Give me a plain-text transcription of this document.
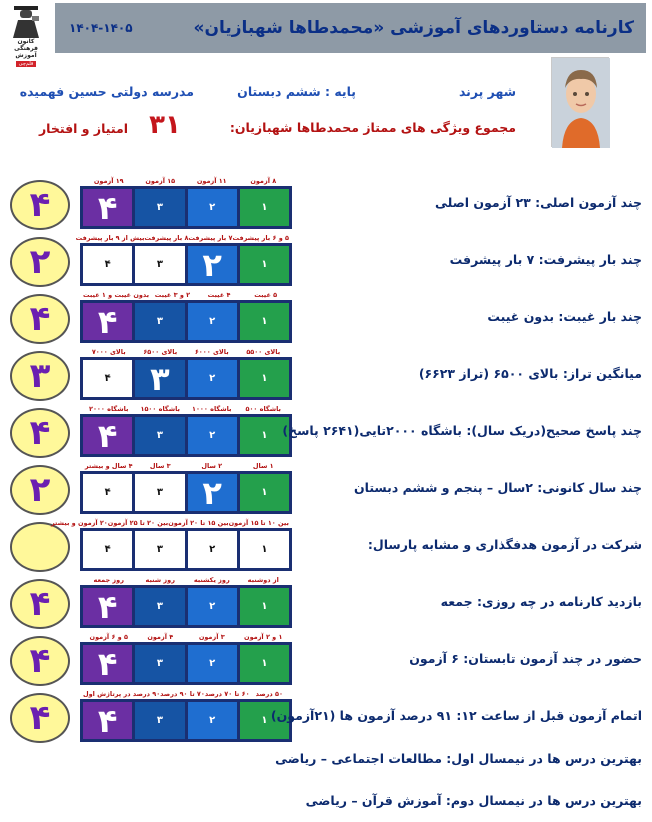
۱۴۰۴-۱۴۰۵	کارنامه دستاوردهای آموزشی «محمدطاها شهبازیان»
کانون
فرهنگی
آموزش
قلم‌چی
شهر پرند
پایه : ششم دبستان
مدرسه دولتی حسین فهمیده
مجموع ویژگی های ممتاز محمدطاها شهبازیان:
۳۱
امتیاز و افتخار
۴
۸ آزمون
۱۱ آزمون
۱۵ آزمون
۱۹ آزمون
۱
۲
۳
۴	چند آزمون اصلی: ۲۳ آزمون اصلی
۲
۵ و ۶ بار پیشرفت
۷ بار پیشرفت
۸ بار پیشرفت
بیش از ۹ بار پیشرفت
۱
۲
۳
۴	چند بار پیشرفت: ۷ بار پیشرفت
۴
۵ غیبت
۴ غیبت
۲ و ۳ غیبت
بدون غیبت و ۱ غیبت
۱
۲
۳
۴	چند بار غیبت: بدون غیبت
۳
بالای ۵۵۰۰
بالای ۶۰۰۰
بالای ۶۵۰۰
بالای ۷۰۰۰
۱
۲
۳
۴	میانگین تراز: بالای ۶۵۰۰ (تراز ۶۶۲۳)
۴
باشگاه ۵۰۰
باشگاه ۱۰۰۰
باشگاه ۱۵۰۰
باشگاه ۲۰۰۰
۱
۲
۳
۴	چند پاسخ صحیح(دریک سال): باشگاه ۲۰۰۰تایی(۲۶۴۱ پاسخ)
۲
۱ سال
۲ سال
۳ سال
۴ سال و بیشتر
۱
۲
۳
۴	چند سال کانونی: ۲سال – پنجم و ششم دبستان
بین ۱۰ تا ۱۵ آزمون
بین ۱۵ تا ۲۰ آزمون
بین ۲۰ تا ۲۵ آزمون
۲۰ آزمون و بیشتر
۱
۲
۳
۴	شرکت در آزمون هدفگذاری و مشابه پارسال:
۴
از دوشنبه
روز یکشنبه
روز شنبه
روز جمعه
۱
۲
۳
۴	بازدید کارنامه در چه روزی: جمعه
۴
۱ و ۲ آزمون
۳ آزمون
۴ آزمون
۵ و ۶ آزمون
۱
۲
۳
۴	حضور در چند آزمون تابستان: ۶ آزمون
۴
۵۰ درصد
۶۰ تا ۷۰ درصد
۷۰ تا ۹۰ درصد
۹۰ درصد در پرتاژش اول
۱
۲
۳
۴	اتمام آزمون قبل از ساعت ۱۲: ۹۱ درصد آزمون ها (۲۱آزمون)
بهترین درس ها در نیمسال اول: مطالعات اجتماعی – ریاضی
بهترین درس ها در نیمسال دوم: آموزش قرآن – ریاضی
